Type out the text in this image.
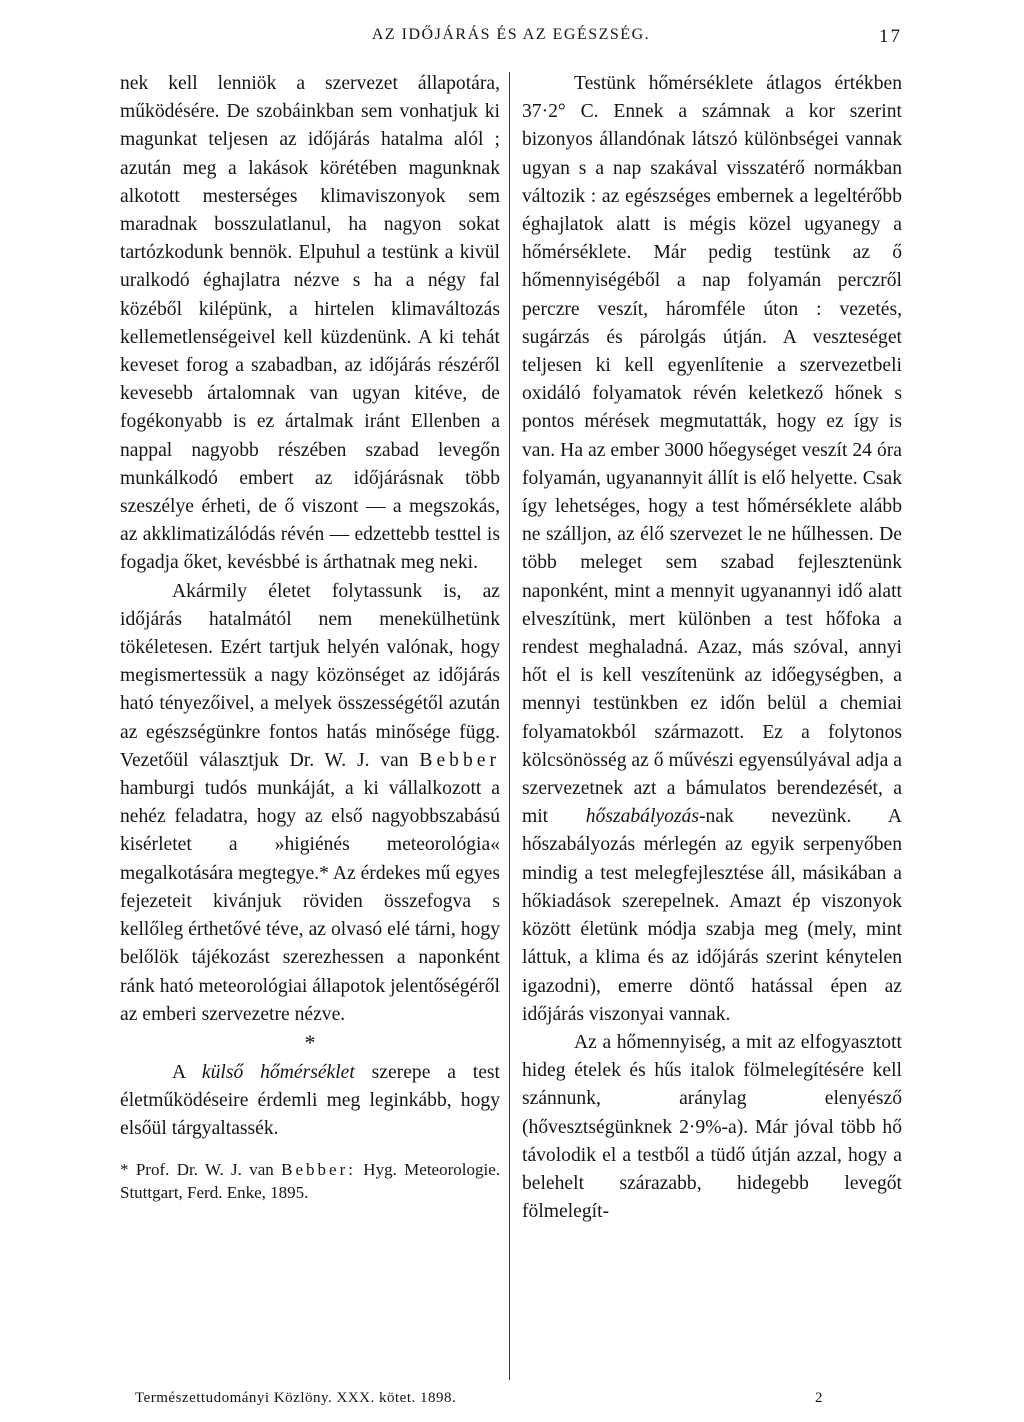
AZ IDŐJÁRÁS ÉS AZ EGÉSZSÉG.	17

nek kell lenniök a szervezet állapotára, működésére. De szobáinkban sem vonhatjuk ki magunkat teljesen az időjárás hatalma alól ; azután meg a lakások körétében magunknak alkotott mesterséges klimaviszonyok sem maradnak bosszulatlanul, ha nagyon sokat tartózkodunk bennök. Elpuhul a testünk a kivül uralkodó éghajlatra nézve s ha a négy fal közéből kilépünk, a hirtelen klimaváltozás kellemetlenségeivel kell küzdenünk. A ki tehát keveset forog a szabadban, az időjárás részéről kevesebb ártalomnak van ugyan kitéve, de fogékonyabb is ez ártalmak iránt Ellenben a nappal nagyobb részében szabad levegőn munkálkodó embert az időjárásnak több szeszélye érheti, de ő viszont — a megszokás, az akklimatizálódás révén — edzettebb testtel is fogadja őket, kevésbbé is árthatnak meg neki.

Akármily életet folytassunk is, az időjárás hatalmától nem menekülhetünk tökéletesen. Ezért tartjuk helyén valónak, hogy megismertessük a nagy közönséget az időjárás ható tényezőivel, a melyek összességétől azután az egészségünkre fontos hatás minősége függ. Vezetőül választjuk Dr. W. J. van Bebber hamburgi tudós munkáját, a ki vállalkozott a nehéz feladatra, hogy az első nagyobbszabású kisérletet a »higiénés meteorológia« megalkotására megtegye.* Az érdekes mű egyes fejezeteit kivánjuk röviden összefogva s kellőleg érthetővé téve, az olvasó elé tárni, hogy belőlök tájékozást szerezhessen a naponként ránk ható meteorológiai állapotok jelentőségéről az emberi szervezetre nézve.

*

A külső hőmérséklet szerepe a test életműködéseire érdemli meg leginkább, hogy elsőül tárgyaltassék.

* Prof. Dr. W. J. van Bebber: Hyg. Meteorologie. Stuttgart, Ferd. Enke, 1895.

Testünk hőmérséklete átlagos értékben 37·2° C. Ennek a számnak a kor szerint bizonyos állandónak látszó különbségei vannak ugyan s a nap szakával visszatérő normákban változik : az egészséges embernek a legeltérőbb éghajlatok alatt is mégis közel ugyanegy a hőmérséklete. Már pedig testünk az ő hőmennyiségéből a nap folyamán perczről perczre veszít, háromféle úton : vezetés, sugárzás és párolgás útján. A veszteséget teljesen ki kell egyenlítenie a szervezetbeli oxidáló folyamatok révén keletkező hőnek s pontos mérések megmutatták, hogy ez így is van. Ha az ember 3000 hőegységet veszít 24 óra folyamán, ugyanannyit állít is elő helyette. Csak így lehetséges, hogy a test hőmérséklete alább ne szálljon, az élő szervezet le ne hűlhessen. De több meleget sem szabad fejlesztenünk naponként, mint a mennyit ugyanannyi idő alatt elveszítünk, mert különben a test hőfoka a rendest meghaladná. Azaz, más szóval, annyi hőt el is kell veszítenünk az időegységben, a mennyi testünkben ez időn belül a chemiai folyamatokból származott. Ez a folytonos kölcsönösség az ő művészi egyensúlyával adja a szervezetnek azt a bámulatos berendezését, a mit hőszabályozás-nak nevezünk. A hőszabályozás mérlegén az egyik serpenyőben mindig a test melegfejlesztése áll, másikában a hőkiadások szerepelnek. Amazt ép viszonyok között életünk módja szabja meg (mely, mint láttuk, a klima és az időjárás szerint kénytelen igazodni), emerre döntő hatással épen az időjárás viszonyai vannak.

Az a hőmennyiség, a mit az elfogyasztott hideg ételek és hűs italok fölmelegítésére kell szánnunk, aránylag elenyésző (hővesztségünknek 2·9%-a). Már jóval több hő távolodik el a testből a tüdő útján azzal, hogy a belehelt szárazabb, hidegebb levegőt fölmelegít-

Természettudományi Közlöny. XXX. kötet. 1898.	2
